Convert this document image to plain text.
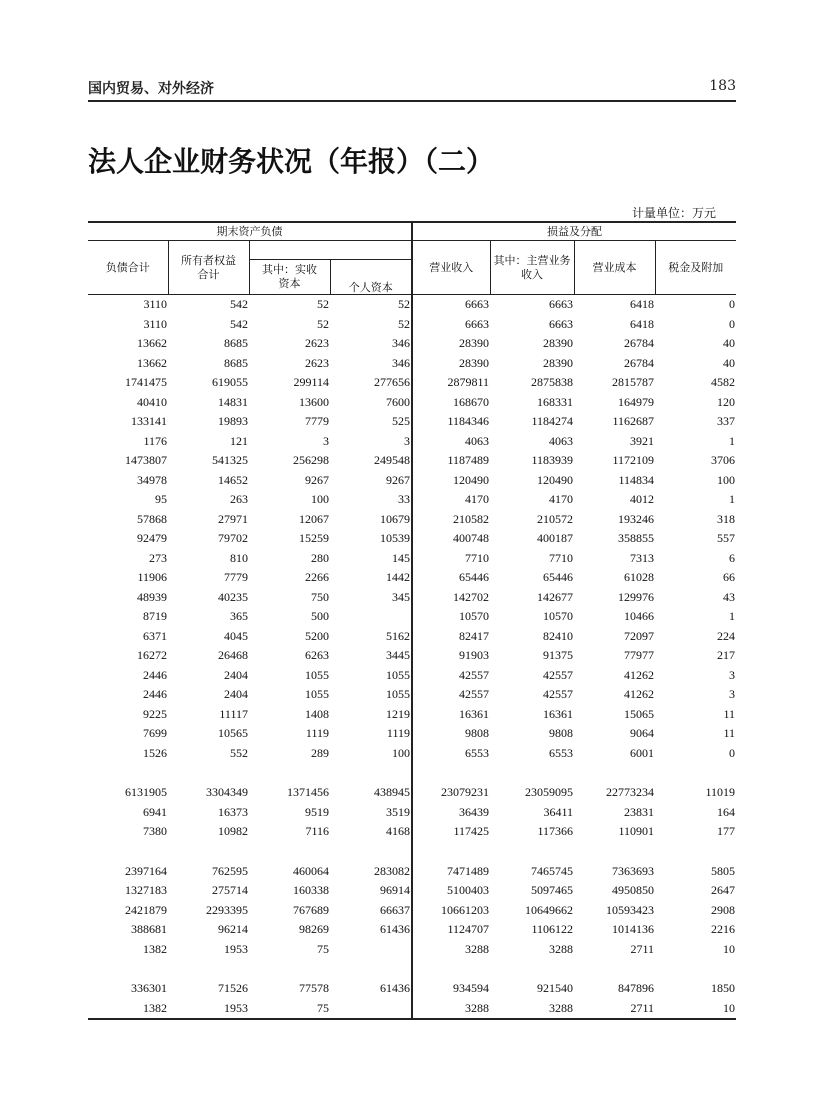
国内贸易、对外经济	183
法人企业财务状况（年报）（二）
计量单位：万元
期末资产负债				损益及分配			
负债合计	所有者权益合计			营业收入	其中：主营业务收入	营业成本	税金及附加

		其中：实收资本	个人资本				
3110	542	52	52	6663	6663	6418	0
3110	542	52	52	6663	6663	6418	0
13662	8685	2623	346	28390	28390	26784	40
13662	8685	2623	346	28390	28390	26784	40
1741475	619055	299114	277656	2879811	2875838	2815787	4582
40410	14831	13600	7600	168670	168331	164979	120
133141	19893	7779	525	1184346	1184274	1162687	337
1176	121	3	3	4063	4063	3921	1
1473807	541325	256298	249548	1187489	1183939	1172109	3706
34978	14652	9267	9267	120490	120490	114834	100
95	263	100	33	4170	4170	4012	1
57868	27971	12067	10679	210582	210572	193246	318
92479	79702	15259	10539	400748	400187	358855	557
273	810	280	145	7710	7710	7313	6
11906	7779	2266	1442	65446	65446	61028	66
48939	40235	750	345	142702	142677	129976	43
8719	365	500		10570	10570	10466	1
6371	4045	5200	5162	82417	82410	72097	224
16272	26468	6263	3445	91903	91375	77977	217
2446	2404	1055	1055	42557	42557	41262	3
2446	2404	1055	1055	42557	42557	41262	3
9225	11117	1408	1219	16361	16361	15065	11
7699	10565	1119	1119	9808	9808	9064	11
1526	552	289	100	6553	6553	6001	0

6131905	3304349	1371456	438945	23079231	23059095	22773234	11019
6941	16373	9519	3519	36439	36411	23831	164
7380	10982	7116	4168	117425	117366	110901	177

2397164	762595	460064	283082	7471489	7465745	7363693	5805
1327183	275714	160338	96914	5100403	5097465	4950850	2647
2421879	2293395	767689	66637	10661203	10649662	10593423	2908
388681	96214	98269	61436	1124707	1106122	1014136	2216
1382	1953	75		3288	3288	2711	10

336301	71526	77578	61436	934594	921540	847896	1850
1382	1953	75		3288	3288	2711	10
